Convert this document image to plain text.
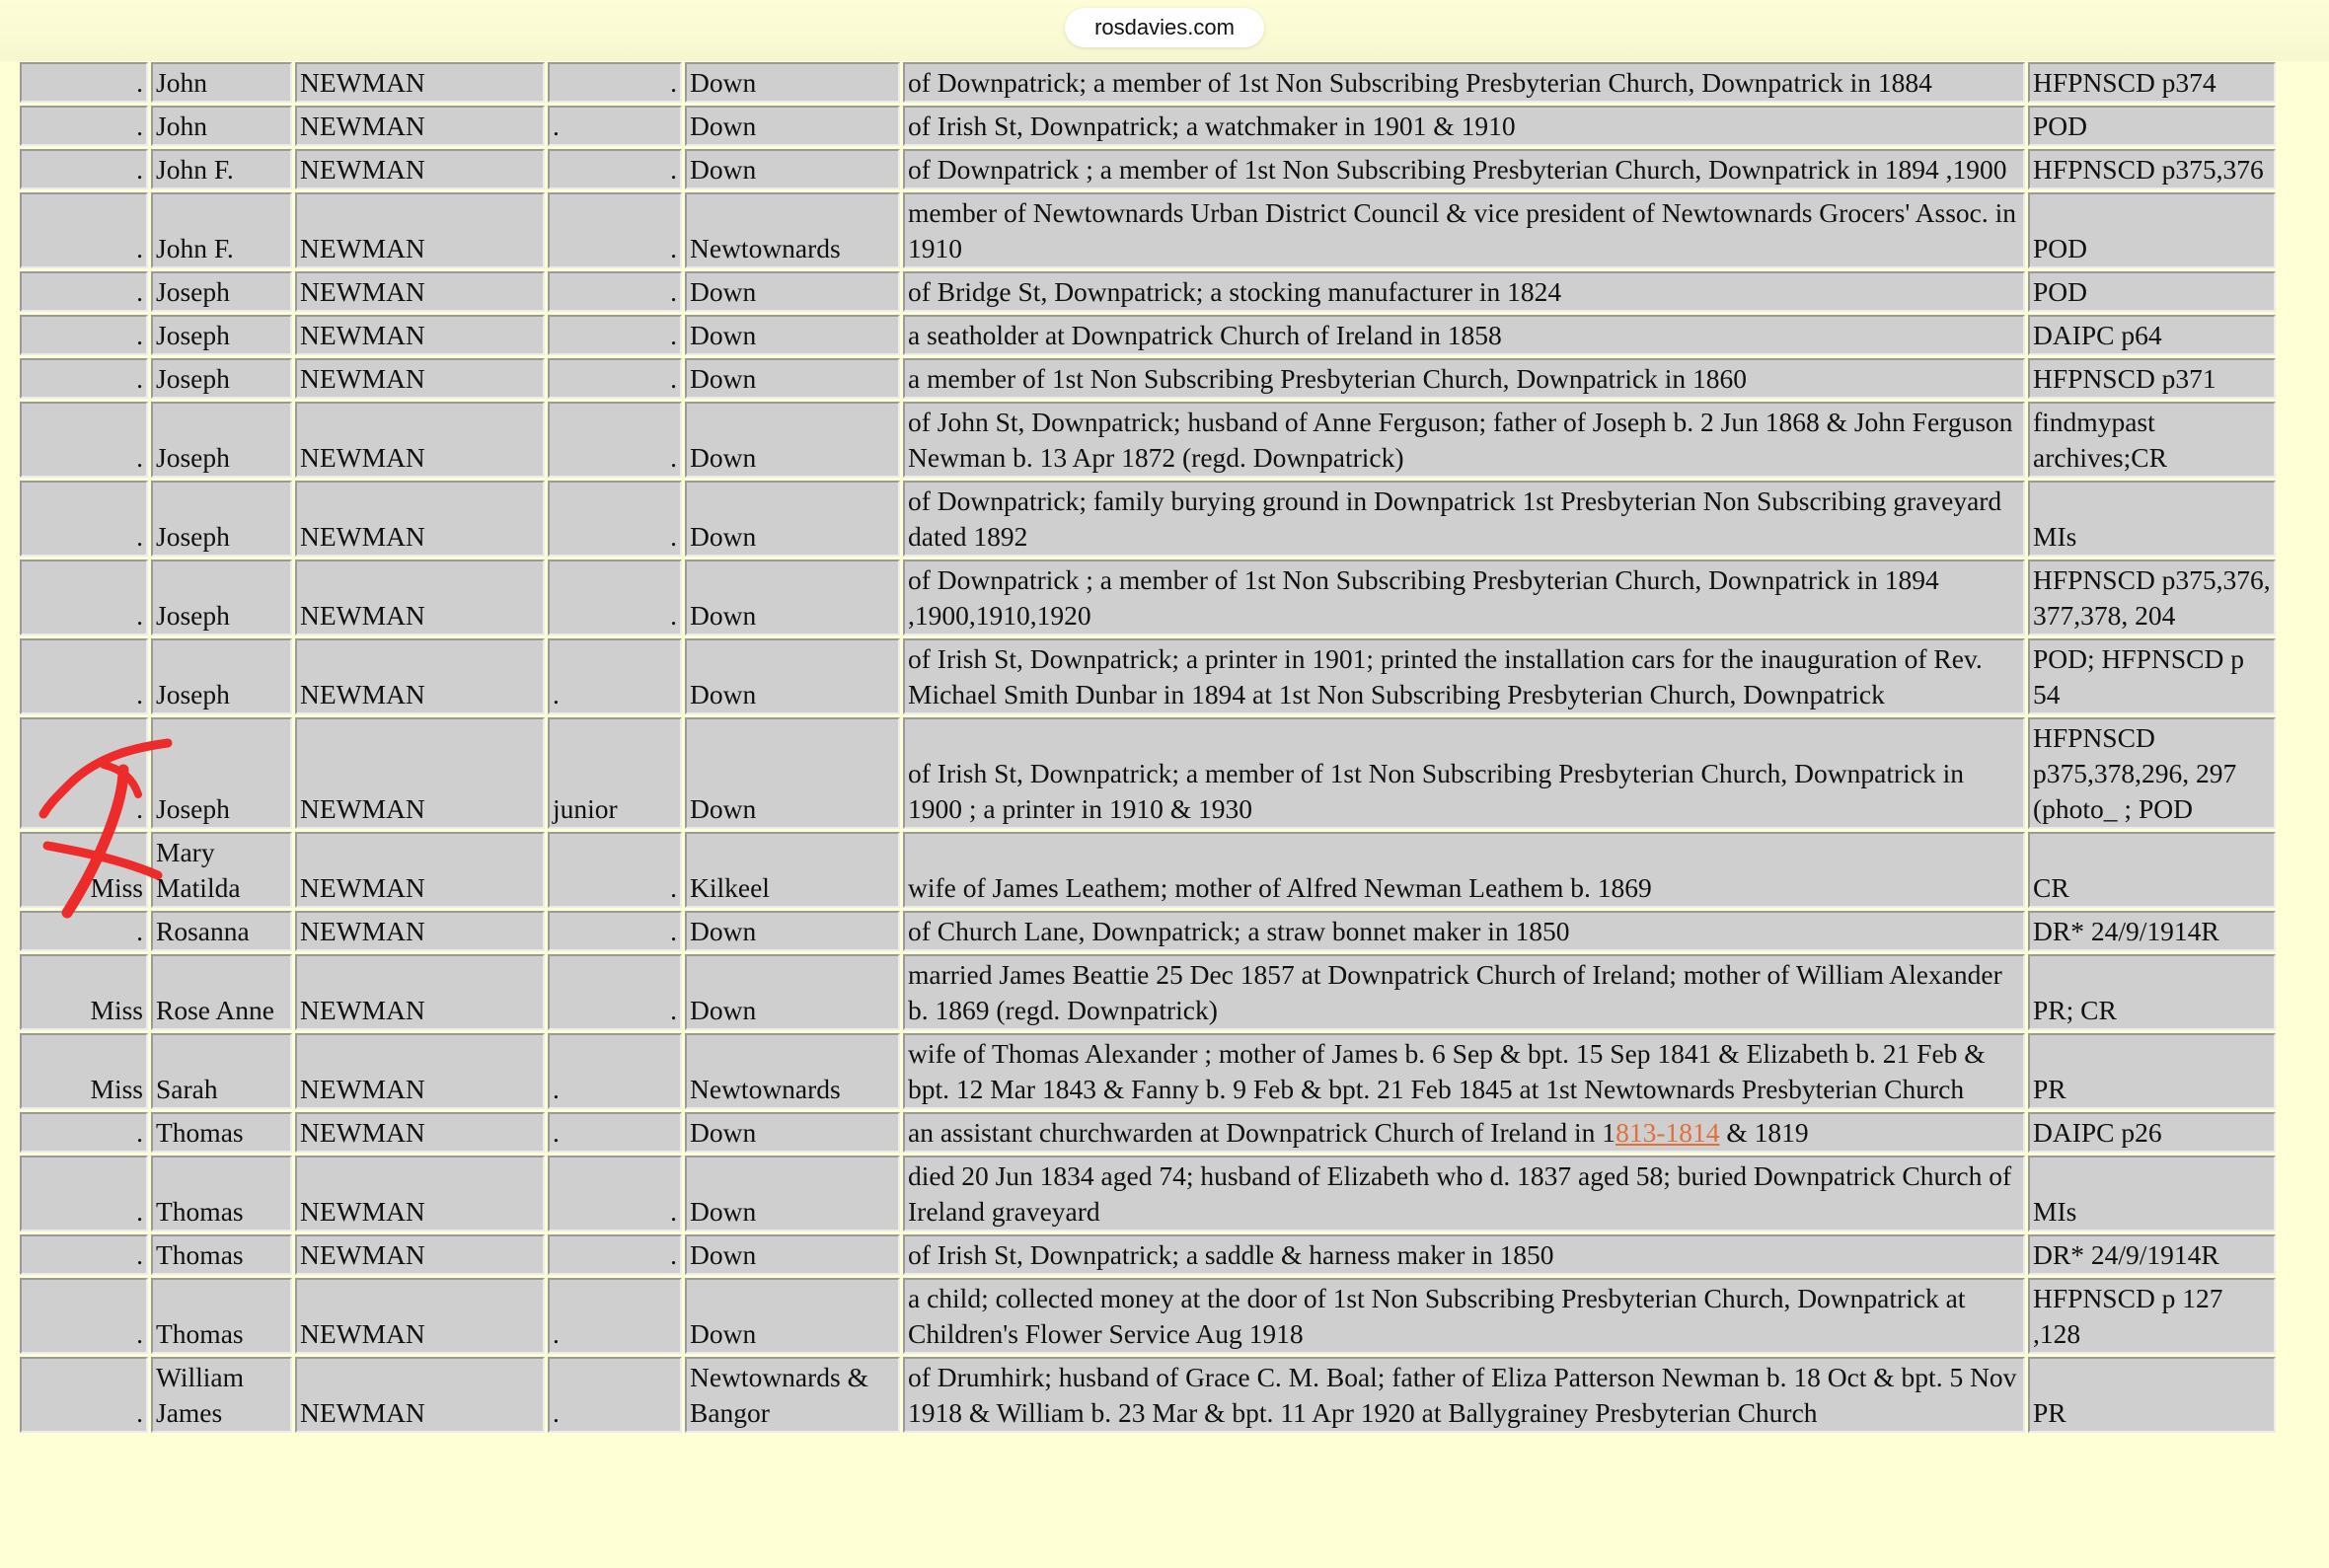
rosdavies.com
.	John	NEWMAN	.	Down	of Downpatrick; a member of 1st Non Subscribing Presbyterian Church, Downpatrick in 1884	HFPNSCD p374
.	John	NEWMAN	.	Down	of Irish St, Downpatrick; a watchmaker in 1901 & 1910	POD
.	John F.	NEWMAN	.	Down	of Downpatrick ; a member of 1st Non Subscribing Presbyterian Church, Downpatrick in 1894 ,1900	HFPNSCD p375,376
.	John F.	NEWMAN	.	Newtownards	member of Newtownards Urban District Council & vice president of Newtownards Grocers' Assoc. in 1910	POD
.	Joseph	NEWMAN	.	Down	of Bridge St, Downpatrick; a stocking manufacturer in 1824	POD
.	Joseph	NEWMAN	.	Down	a seatholder at Downpatrick Church of Ireland in 1858	DAIPC p64
.	Joseph	NEWMAN	.	Down	a member of 1st Non Subscribing Presbyterian Church, Downpatrick in 1860	HFPNSCD p371
.	Joseph	NEWMAN	.	Down	of John St, Downpatrick; husband of Anne Ferguson; father of Joseph b. 2 Jun 1868 & John Ferguson Newman b. 13 Apr 1872 (regd. Downpatrick)	findmypast archives;CR
.	Joseph	NEWMAN	.	Down	of Downpatrick; family burying ground in Downpatrick 1st Presbyterian Non Subscribing graveyard dated 1892	MIs
.	Joseph	NEWMAN	.	Down	of Downpatrick ; a member of 1st Non Subscribing Presbyterian Church, Downpatrick in 1894 ,1900,1910,1920	HFPNSCD p375,376, 377,378, 204
.	Joseph	NEWMAN	.	Down	of Irish St, Downpatrick; a printer in 1901; printed the installation cars for the inauguration of Rev. Michael Smith Dunbar in 1894 at 1st Non Subscribing Presbyterian Church, Downpatrick	POD; HFPNSCD p 54
.	Joseph	NEWMAN	junior	Down	of Irish St, Downpatrick; a member of 1st Non Subscribing Presbyterian Church, Downpatrick in 1900 ; a printer in 1910 & 1930	HFPNSCD p375,378,296, 297 (photo_ ; POD
Miss	Mary Matilda	NEWMAN	.	Kilkeel	wife of James Leathem; mother of Alfred Newman Leathem b. 1869	CR
.	Rosanna	NEWMAN	.	Down	of Church Lane, Downpatrick; a straw bonnet maker in 1850	DR* 24/9/1914R
Miss	Rose Anne	NEWMAN	.	Down	married James Beattie 25 Dec 1857 at Downpatrick Church of Ireland; mother of William Alexander b. 1869 (regd. Downpatrick)	PR; CR
Miss	Sarah	NEWMAN	.	Newtownards	wife of Thomas Alexander ; mother of James b. 6 Sep & bpt. 15 Sep 1841 & Elizabeth b. 21 Feb & bpt. 12 Mar 1843 & Fanny b. 9 Feb & bpt. 21 Feb 1845 at 1st Newtownards Presbyterian Church	PR
.	Thomas	NEWMAN	.	Down	an assistant churchwarden at Downpatrick Church of Ireland in 1813-1814 & 1819	DAIPC p26
.	Thomas	NEWMAN	.	Down	died 20 Jun 1834 aged 74; husband of Elizabeth who d. 1837 aged 58; buried Downpatrick Church of Ireland graveyard	MIs
.	Thomas	NEWMAN	.	Down	of Irish St, Downpatrick; a saddle & harness maker in 1850	DR* 24/9/1914R
.	Thomas	NEWMAN	.	Down	a child; collected money at the door of 1st Non Subscribing Presbyterian Church, Downpatrick at Children's Flower Service Aug 1918	HFPNSCD p 127 ,128
.	William James	NEWMAN	.	Newtownards & Bangor	of Drumhirk; husband of Grace C. M. Boal; father of Eliza Patterson Newman b. 18 Oct & bpt. 5 Nov 1918 & William b. 23 Mar & bpt. 11 Apr 1920 at Ballygrainey Presbyterian Church	PR
